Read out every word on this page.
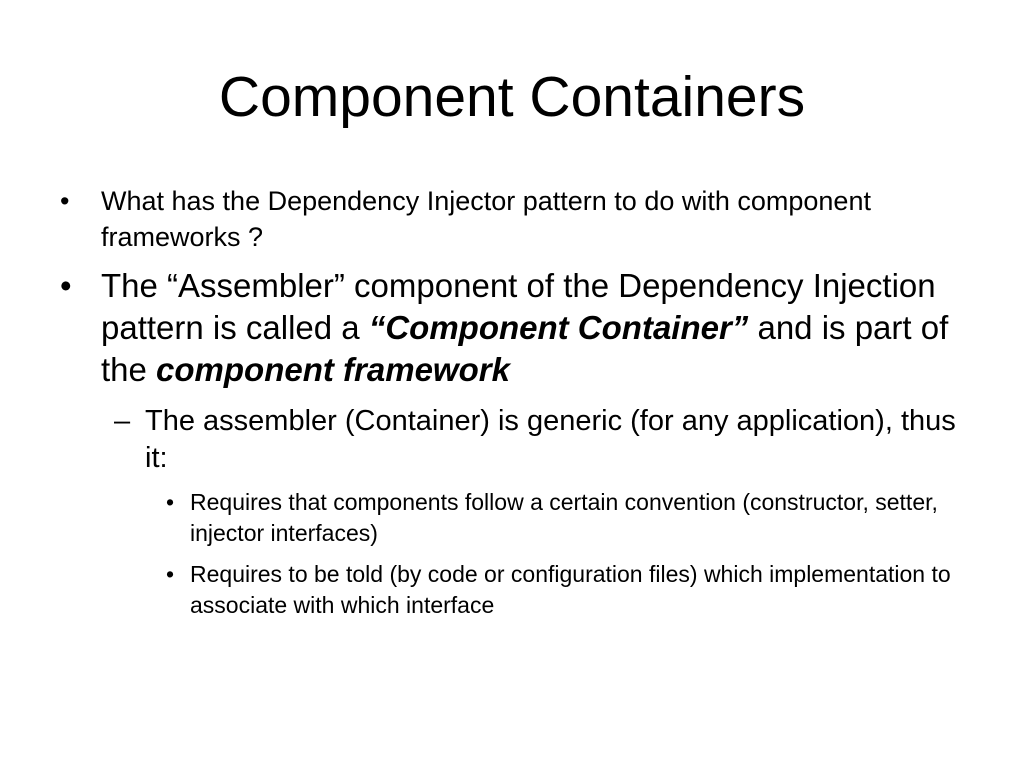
Component Containers
• What has the Dependency Injector pattern to do with component frameworks ?
• The “Assembler” component of the Dependency Injection pattern is called a “Component Container” and is part of the component framework
– The assembler (Container) is generic (for any application), thus it:
• Requires that components follow a certain convention (constructor, setter, injector interfaces)
• Requires to be told (by code or configuration files) which implementation to associate with which interface
